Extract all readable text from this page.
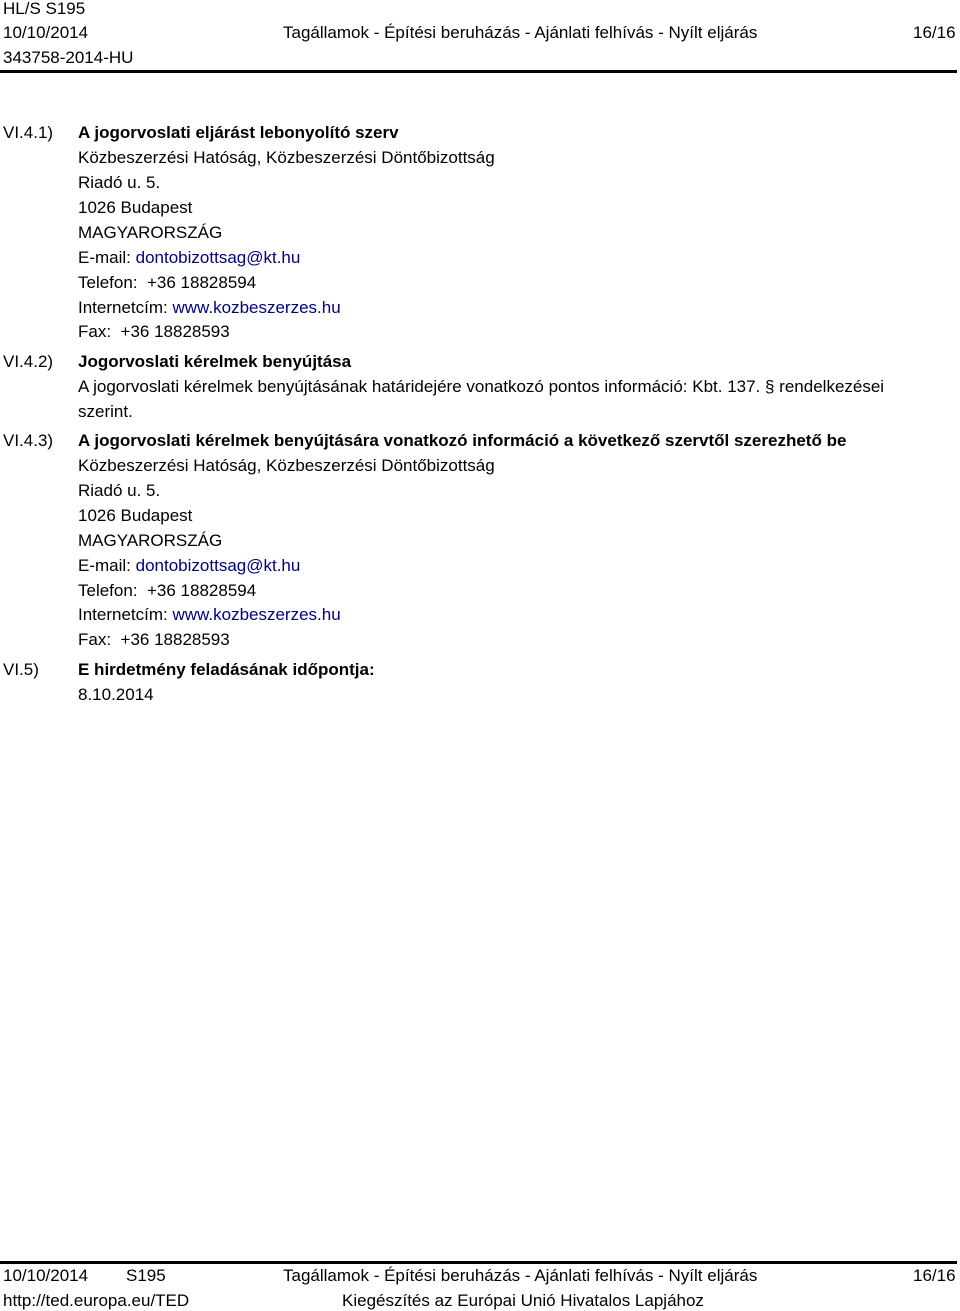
HL/S S195
10/10/2014	Tagállamok - Építési beruházás - Ajánlati felhívás - Nyílt eljárás	16/16
343758-2014-HU
VI.4.1) A jogorvoslati eljárást lebonyolító szerv
Közbeszerzési Hatóság, Közbeszerzési Döntőbizottság
Riadó u. 5.
1026 Budapest
MAGYARORSZÁG
E-mail: dontobizottsag@kt.hu
Telefon: +36 18828594
Internetcím: www.kozbeszerzes.hu
Fax: +36 18828593
VI.4.2) Jogorvoslati kérelmek benyújtása
A jogorvoslati kérelmek benyújtásának határidejére vonatkozó pontos információ: Kbt. 137. § rendelkezései
szerint.
VI.4.3) A jogorvoslati kérelmek benyújtására vonatkozó információ a következő szervtől szerezhető be
Közbeszerzési Hatóság, Közbeszerzési Döntőbizottság
Riadó u. 5.
1026 Budapest
MAGYARORSZÁG
E-mail: dontobizottsag@kt.hu
Telefon: +36 18828594
Internetcím: www.kozbeszerzes.hu
Fax: +36 18828593
VI.5) E hirdetmény feladásának időpontja:
8.10.2014
10/10/2014 S195	Tagállamok - Építési beruházás - Ajánlati felhívás - Nyílt eljárás	16/16
http://ted.europa.eu/TED	Kiegészítés az Európai Unió Hivatalos Lapjához
